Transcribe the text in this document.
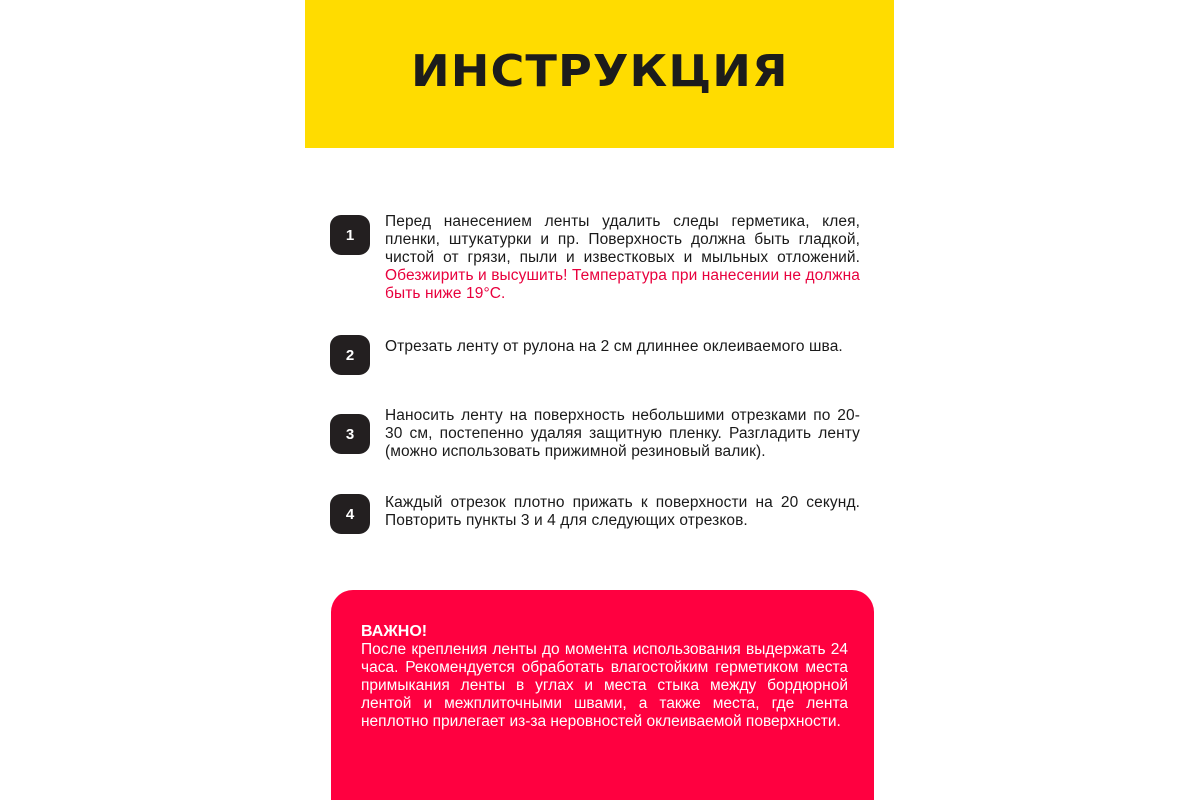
ИНСТРУКЦИЯ
1
Перед нанесением ленты удалить следы герметика, клея, пленки, штукатурки и пр. Поверхность должна быть гладкой, чистой от грязи, пыли и известковых и мыльных отложений. Обезжирить и высушить! Температура при нанесении не должна быть ниже 19°С.
2	Отрезать ленту от рулона на 2 см длиннее оклеиваемого шва.
3
Наносить ленту на поверхность небольшими отрезками по 20-30 см, постепенно удаляя защитную пленку. Разгладить ленту (можно использовать прижимной резиновый валик).
4
Каждый отрезок плотно прижать к поверхности на 20 секунд. Повторить пункты 3 и 4 для следующих отрезков.
ВАЖНО!
После крепления ленты до момента использования выдержать 24 часа. Рекомендуется обработать влагостойким герметиком места примыкания ленты в углах и места стыка между бордюрной лентой и межплиточными швами, а также места, где лента неплотно прилегает из-за неровностей оклеиваемой поверхности.
